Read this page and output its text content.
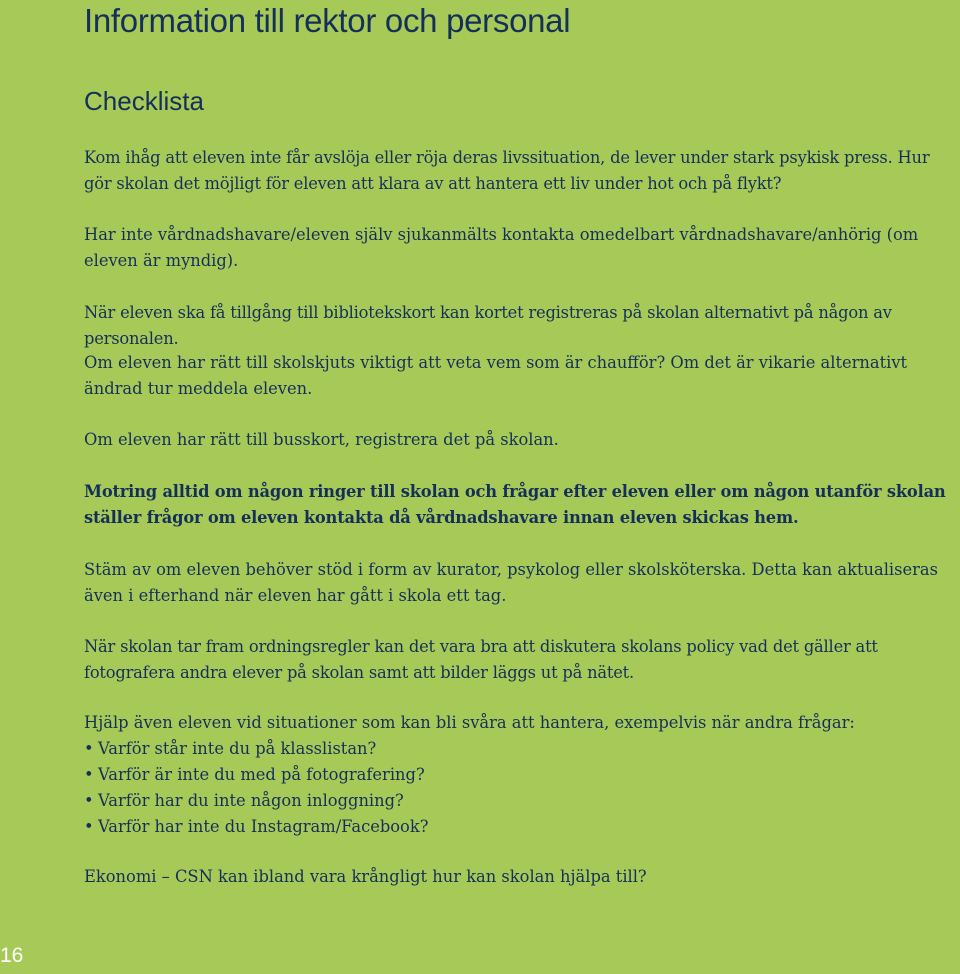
Information till rektor och personal
Checklista

Kom ihåg att eleven inte får avslöja eller röja deras livssituation, de lever under stark psykisk press. Hur gör skolan det möjligt för eleven att klara av att hantera ett liv under hot och på flykt?

Har inte vårdnadshavare/eleven själv sjukanmälts kontakta omedelbart vårdnadshavare/anhörig (om eleven är myndig).

När eleven ska få tillgång till bibliotekskort kan kortet registreras på skolan alternativt på någon av personalen.

Om eleven har rätt till skolskjuts viktigt att veta vem som är chaufför? Om det är vikarie alternativt ändrad tur meddela eleven.

Om eleven har rätt till busskort, registrera det på skolan.

Motring alltid om någon ringer till skolan och frågar efter eleven eller om någon utanför skolan ställer frågor om eleven kontakta då vårdnadshavare innan eleven skickas hem.

Stäm av om eleven behöver stöd i form av kurator, psykolog eller skolsköterska. Detta kan aktualiseras även i efterhand när eleven har gått i skola ett tag.

När skolan tar fram ordningsregler kan det vara bra att diskutera skolans policy vad det gäller att fotografera andra elever på skolan samt att bilder läggs ut på nätet.

Hjälp även eleven vid situationer som kan bli svåra att hantera, exempelvis när andra frågar:

• Varför står inte du på klasslistan?
• Varför är inte du med på fotografering?
• Varför har du inte någon inloggning?
• Varför har inte du Instagram/Facebook?

Ekonomi – CSN kan ibland vara krångligt hur kan skolan hjälpa till?

16
